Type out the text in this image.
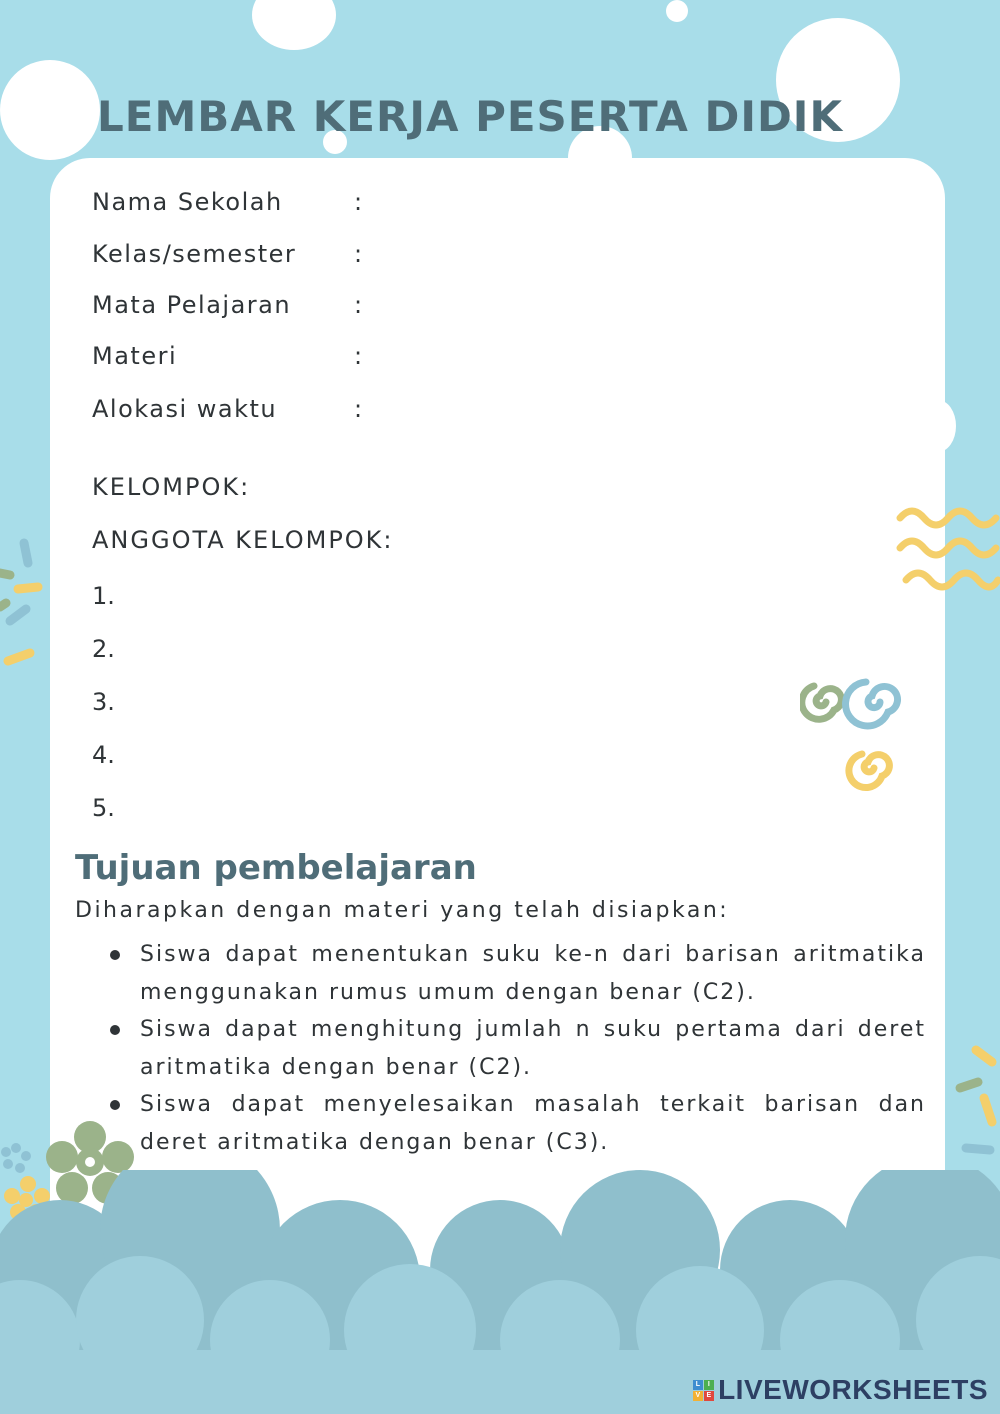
LEMBAR KERJA PESERTA DIDIK
Nama Sekolah	:
Kelas/semester :
Mata Pelajaran	:
Materi	:
Alokasi waktu	:
KELOMPOK:
ANGGOTA KELOMPOK:
1.
2.
3.
4.
5.
Tujuan pembelajaran
Diharapkan dengan materi yang telah disiapkan:
Siswa dapat menentukan suku ke-n dari barisan aritmatika menggunakan rumus umum dengan benar (C2).
Siswa dapat menghitung jumlah n suku pertama dari deret aritmatika dengan benar (C2).
Siswa dapat menyelesaikan masalah terkait barisan dan deret aritmatika dengan benar (C3).
L	I
V E LIVEWORKSHEETS
